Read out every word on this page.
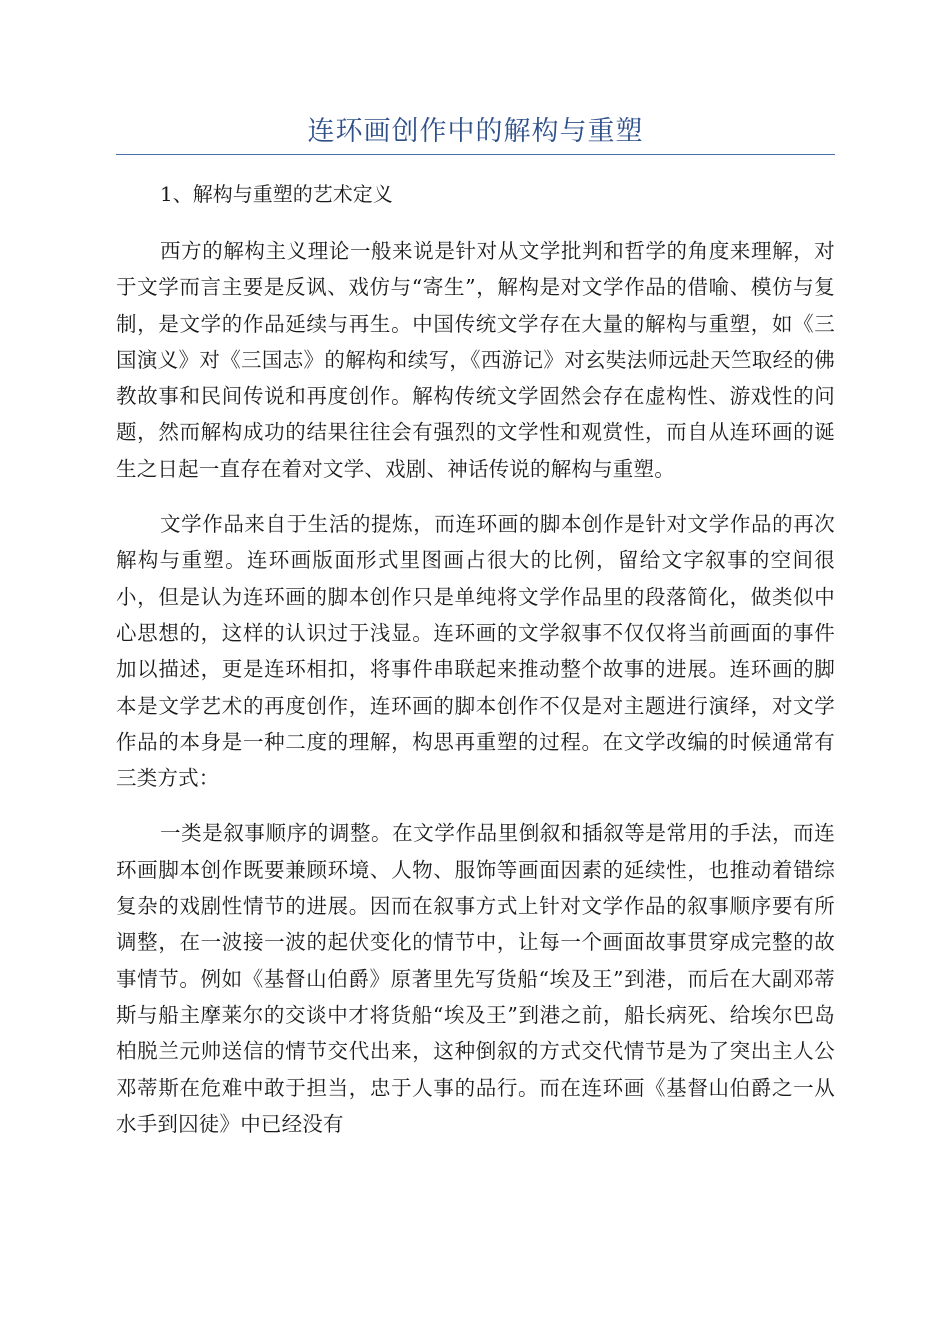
连环画创作中的解构与重塑

1、解构与重塑的艺术定义

西方的解构主义理论一般来说是针对从文学批判和哲学的角度来理解，对于文学而言主要是反讽、戏仿与“寄生”，解构是对文学作品的借喻、模仿与复制，是文学的作品延续与再生。中国传统文学存在大量的解构与重塑，如《三国演义》对《三国志》的解构和续写，《西游记》对玄奘法师远赴天竺取经的佛教故事和民间传说和再度创作。解构传统文学固然会存在虚构性、游戏性的问题，然而解构成功的结果往往会有强烈的文学性和观赏性，而自从连环画的诞生之日起一直存在着对文学、戏剧、神话传说的解构与重塑。

文学作品来自于生活的提炼，而连环画的脚本创作是针对文学作品的再次解构与重塑。连环画版面形式里图画占很大的比例，留给文字叙事的空间很小，但是认为连环画的脚本创作只是单纯将文学作品里的段落简化，做类似中心思想的，这样的认识过于浅显。连环画的文学叙事不仅仅将当前画面的事件加以描述，更是连环相扣，将事件串联起来推动整个故事的进展。连环画的脚本是文学艺术的再度创作，连环画的脚本创作不仅是对主题进行演绎，对文学作品的本身是一种二度的理解，构思再重塑的过程。在文学改编的时候通常有三类方式：

一类是叙事顺序的调整。在文学作品里倒叙和插叙等是常用的手法，而连环画脚本创作既要兼顾环境、人物、服饰等画面因素的延续性，也推动着错综复杂的戏剧性情节的进展。因而在叙事方式上针对文学作品的叙事顺序要有所调整，在一波接一波的起伏变化的情节中，让每一个画面故事贯穿成完整的故事情节。例如《基督山伯爵》原著里先写货船“埃及王”到港，而后在大副邓蒂斯与船主摩莱尔的交谈中才将货船“埃及王”到港之前，船长病死、给埃尔巴岛柏脱兰元帅送信的情节交代出来，这种倒叙的方式交代情节是为了突出主人公邓蒂斯在危难中敢于担当，忠于人事的品行。而在连环画《基督山伯爵之一从水手到囚徒》中已经没有
